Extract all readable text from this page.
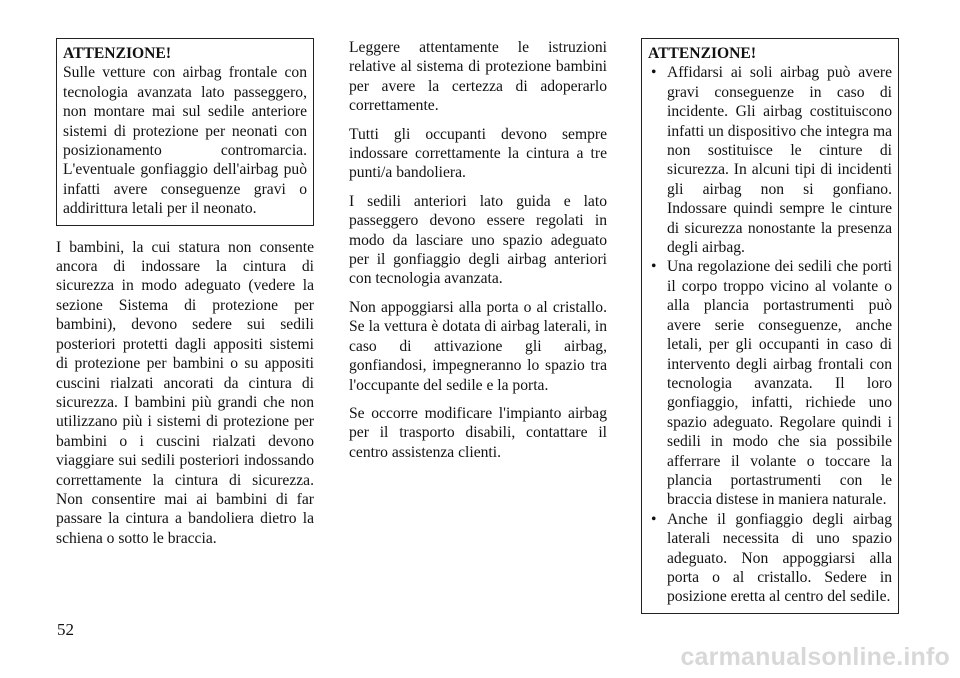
ATTENZIONE!
Sulle vetture con airbag frontale con tecnologia avanzata lato passeggero, non montare mai sul sedile anteriore sistemi di protezione per neonati con posizionamento contromarcia. L'eventuale gonfiaggio dell'airbag può infatti avere conseguenze gravi o addirittura letali per il neonato.

I bambini, la cui statura non consente ancora di indossare la cintura di sicurezza in modo adeguato (vedere la sezione Sistema di protezione per bambini), devono sedere sui sedili posteriori protetti dagli appositi sistemi di protezione per bambini o su appositi cuscini rialzati ancorati da cintura di sicurezza. I bambini più grandi che non utilizzano più i sistemi di protezione per bambini o i cuscini rialzati devono viaggiare sui sedili posteriori indossando correttamente la cintura di sicurezza. Non consentire mai ai bambini di far passare la cintura a bandoliera dietro la schiena o sotto le braccia.

Leggere attentamente le istruzioni relative al sistema di protezione bambini per avere la certezza di adoperarlo correttamente.

Tutti gli occupanti devono sempre indossare correttamente la cintura a tre punti/a bandoliera.

I sedili anteriori lato guida e lato passeggero devono essere regolati in modo da lasciare uno spazio adeguato per il gonfiaggio degli airbag anteriori con tecnologia avanzata.

Non appoggiarsi alla porta o al cristallo. Se la vettura è dotata di airbag laterali, in caso di attivazione gli airbag, gonfiandosi, impegneranno lo spazio tra l'occupante del sedile e la porta.

Se occorre modificare l'impianto airbag per il trasporto disabili, contattare il centro assistenza clienti.

ATTENZIONE!
• Affidarsi ai soli airbag può avere gravi conseguenze in caso di incidente. Gli airbag costituiscono infatti un dispositivo che integra ma non sostituisce le cinture di sicurezza. In alcuni tipi di incidenti gli airbag non si gonfiano. Indossare quindi sempre le cinture di sicurezza nonostante la presenza degli airbag.
• Una regolazione dei sedili che porti il corpo troppo vicino al volante o alla plancia portastrumenti può avere serie conseguenze, anche letali, per gli occupanti in caso di intervento degli airbag frontali con tecnologia avanzata. Il loro gonfiaggio, infatti, richiede uno spazio adeguato. Regolare quindi i sedili in modo che sia possibile afferrare il volante o toccare la plancia portastrumenti con le braccia distese in maniera naturale.
• Anche il gonfiaggio degli airbag laterali necessita di uno spazio adeguato. Non appoggiarsi alla porta o al cristallo. Sedere in posizione eretta al centro del sedile.
52
carmanualsonline.info
